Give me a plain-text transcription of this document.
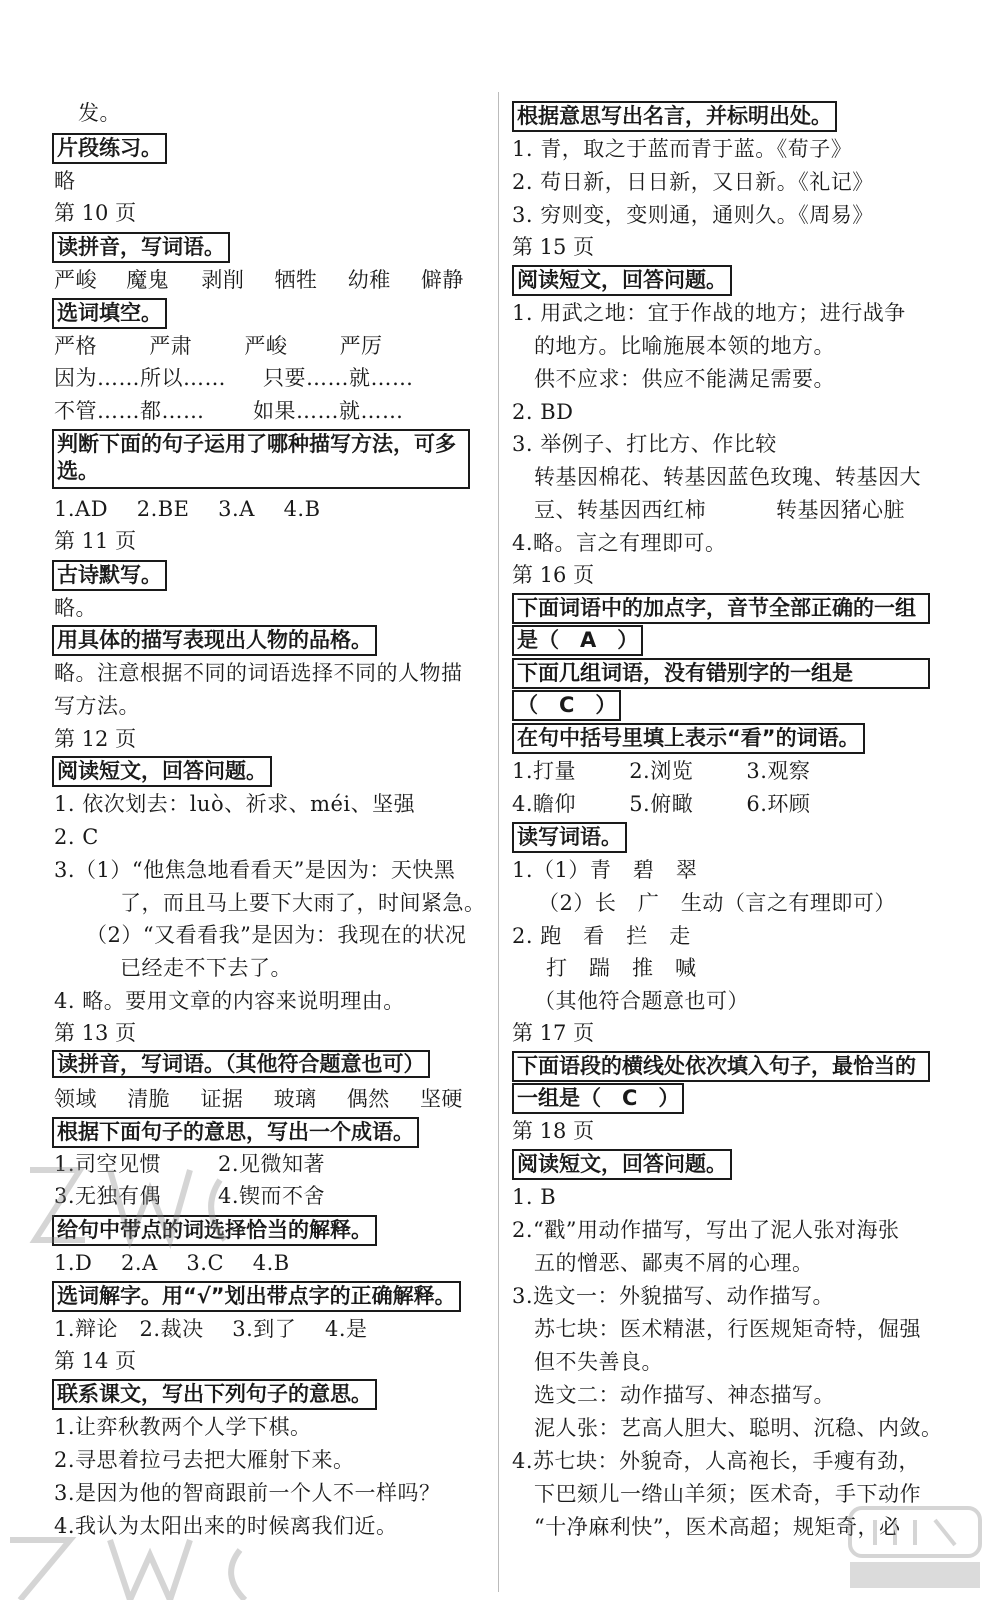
发。
片段练习。
略
第 10 页
读拼音，写词语。
严峻 魔鬼 剥削 牺牲 幼稚 僻静
选词填空。
严格 严肃 严峻 严厉
因为……所以…… 只要……就……
不管……都…… 如果……就……
判断下面的句子运用了哪种描写方法，可多
选。
1.AD　 2.BE　 3.A　 4.B
第 11 页
古诗默写。
略。
用具体的描写表现出人物的品格。
略。注意根据不同的词语选择不同的人物描
写方法。
第 12 页
阅读短文，回答问题。
1. 依次划去：luò、祈求、méi、坚强
2. C
3.（1）“他焦急地看看天”是因为：天快黑
了，而且马上要下大雨了，时间紧急。
（2）“又看看我”是因为：我现在的状况
已经走不下去了。
4. 略。要用文章的内容来说明理由。
第 13 页
读拼音，写词语。（其他符合题意也可）
领域 清脆 证据 玻璃 偶然 坚硬
根据下面句子的意思，写出一个成语。
1.司空见惯	2.见微知著
3.无独有偶	4.锲而不舍
给句中带点的词选择恰当的解释。
1.D　 2.A　 3.C　 4.B
选词解字。用“√”划出带点字的正确解释。
1.辩论　2.裁决　 3.到了　 4.是
第 14 页
联系课文，写出下列句子的意思。
1.让弈秋教两个人学下棋。
2.寻思着拉弓去把大雁射下来。
3.是因为他的智商跟前一个人不一样吗？
4.我认为太阳出来的时候离我们近。
根据意思写出名言，并标明出处。
1. 青，取之于蓝而青于蓝。《荀子》
2. 苟日新，日日新，又日新。《礼记》
3. 穷则变，变则通，通则久。《周易》
第 15 页
阅读短文，回答问题。
1. 用武之地：宜于作战的地方；进行战争
的地方。比喻施展本领的地方。
供不应求：供应不能满足需要。
2. BD
3. 举例子、打比方、作比较
转基因棉花、转基因蓝色玫瑰、转基因大
豆、转基因西红柿	转基因猪心脏
4.略。言之有理即可。
第 16 页
下面词语中的加点字，音节全部正确的一组
是（　A　）
下面几组词语，没有错别字的一组是
（　C　）
在句中括号里填上表示“看”的词语。
1.打量	2.浏览	3.观察
4.瞻仰	5.俯瞰	6.环顾
读写词语。
1.（1）青　碧　翠
（2）长　广　生动（言之有理即可）
2. 跑　看　拦　走
打　踹　推　喊
（其他符合题意也可）
第 17 页
下面语段的横线处依次填入句子，最恰当的
一组是（　C　）
第 18 页
阅读短文，回答问题。
1. B
2.“戳”用动作描写，写出了泥人张对海张
五的憎恶、鄙夷不屑的心理。
3.选文一：外貌描写、动作描写。
苏七块：医术精湛，行医规矩奇特，倔强
但不失善良。
选文二：动作描写、神态描写。
泥人张：艺高人胆大、聪明、沉稳、内敛。
4.苏七块：外貌奇，人高袍长，手瘦有劲，
下巴颏儿一绺山羊须；医术奇，手下动作
“十净麻利快”，医术高超；规矩奇，必
